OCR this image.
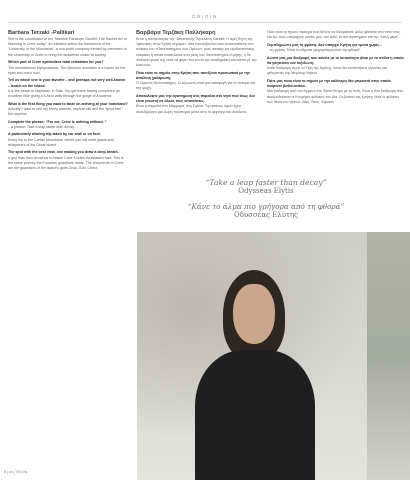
ORIGIN
Barbara Terzaki -Pallikari
She is the coordinator of the “Maurice Panalope Gandhi: The Sacred Art of Weaving in Crete today”. An initiative within the framework of the “University of the Mountains”, a non-profit company formed by members of the University of Crete to bring the academia closer to society.
Which part of Crete symbolizes total relaxation for you?
The mountainous Mylopotamos. The Almonos mountain is a haven for the spirit and one’s soul.
Tell us which one is your favorite – and perhaps not very well-known – beach on the island.
It is the beach in Mantalas, in Sitia. You get there having completed an excellent hike going a 3-hour walk through the gorge of Anadena.
What is the first thing you want to taste on arriving at your homeland?
Actually I want to see my lovely parents, capture silk and the “good feel”, the nephew.
Complete the phrase: “For me, Crete is nothing without..”
...a phrase: Take a leap faster than decay.
A particularly alluring trip taken by car and/ or on foot.
Every trip to the Cretan Mountains, where you will meet giants and whisperers of the Great Island.
The spot with the best view, one making you draw a deep breath.
A guy man from Armenos to Idaion Cave Kokkini Anastasion fuss. This is the same journey the Kouretes guardians made. The shepherds of Crete are the guardians of the island’s gods Zeus, God, Christ.
Βαρβάρα Τερζάκη Παλλήκαρη
Είναι η συντονίστρια της “Αποστολής Πηνελόπη Gandhi: Η Ιερή Τέχνη της Υφαντικής στην Κρήτη σήμερα». Μια πρωτοβουλία που αναπτύσσεται στο πλαίσιο του «Πανεπιστημίου των Ορέων», μιας αστικής μη κερδοσκοπικής εταιρείας η οποία αποτελείται από μέλη του Πανεπιστημίου Κρήτης, η δε ιδιαίτερη φύση της είναι να φέρει πιο κοντά την ακαδημαϊκή κοινότητα με την κοινωνία.
Ποιο είναι το σημείο στην Κρήτη που ταυτίζεται προσωπικά με την απόλυτη χαλάρωση;
Ο Ορεινός Μυλοπόταμος. Ο Αλμωνός είναι μια καταφυγή για το πνεύμα και την ψυχή.
Αποκαλύψτε μας την αγαπημένη σας παραλία στο νησί που ίσως δεν είναι γνωστή σε όλους τους επισκέπτες.
Είναι η παραλία στο Μάρμαρα, στη Σητεία. Την φτάνεις αφού έχεις ολοκληρώσει μια 3ωρη πεζοπορία μέσα από το φαράγγι του Ανάδενα.
Ποιο είναι το πρώτο πράγμα που θέλετε να δοκιμάσετε μόλις φθάνετε στο τόπο σας; Να δω τους υπέροχους γονείς μου, τον καλό το πιο αγαπημένο και την “καλή μέρα”.
Συμπληρώστε μας τη φράση: Δεν υπάρχει Κρήτη για εμένα χωρίς...
...τη φράση “Κάνε τα άλματα γρηγορότερα από την φθορά”.
Δώστε μας μια διαδρομή που κάνετε με το αυτοκίνητο ή/και με τα πόδια η οποία θα γοητεύσει τον ταξιδιώτη.
Κάθε διαδρομή προς τα Όρη της Κρήτης, όπου θα συναντήσεις γίγαντες και ψιθυριστές της Μεγάλης Νήσου.
Πείτε μας ποιο είναι το σημείο με την καλύτερη θέα μπροστά στην οποία παίρνετε βαθιά ανάσα.
Μια διαδρομή από τον Αρμενό στο Ιδαίον Άντρο με το πόδι. Είναι η ίδια διαδρομή που ακολουθούσαν οι Κουρήτες φύλακες του Δία. Οι βοσκοί της Κρήτης είναι οι φύλακες των θεών του νησιού: Δίας, Θεός, Χριστός.
“Take a leap faster than decay”
Odysseas Elytis
“Κάνε το άλμα πιο γρήγορα από τη φθορά”
Οδυσσέας Ελύτης
8 | xx | TM | hk
